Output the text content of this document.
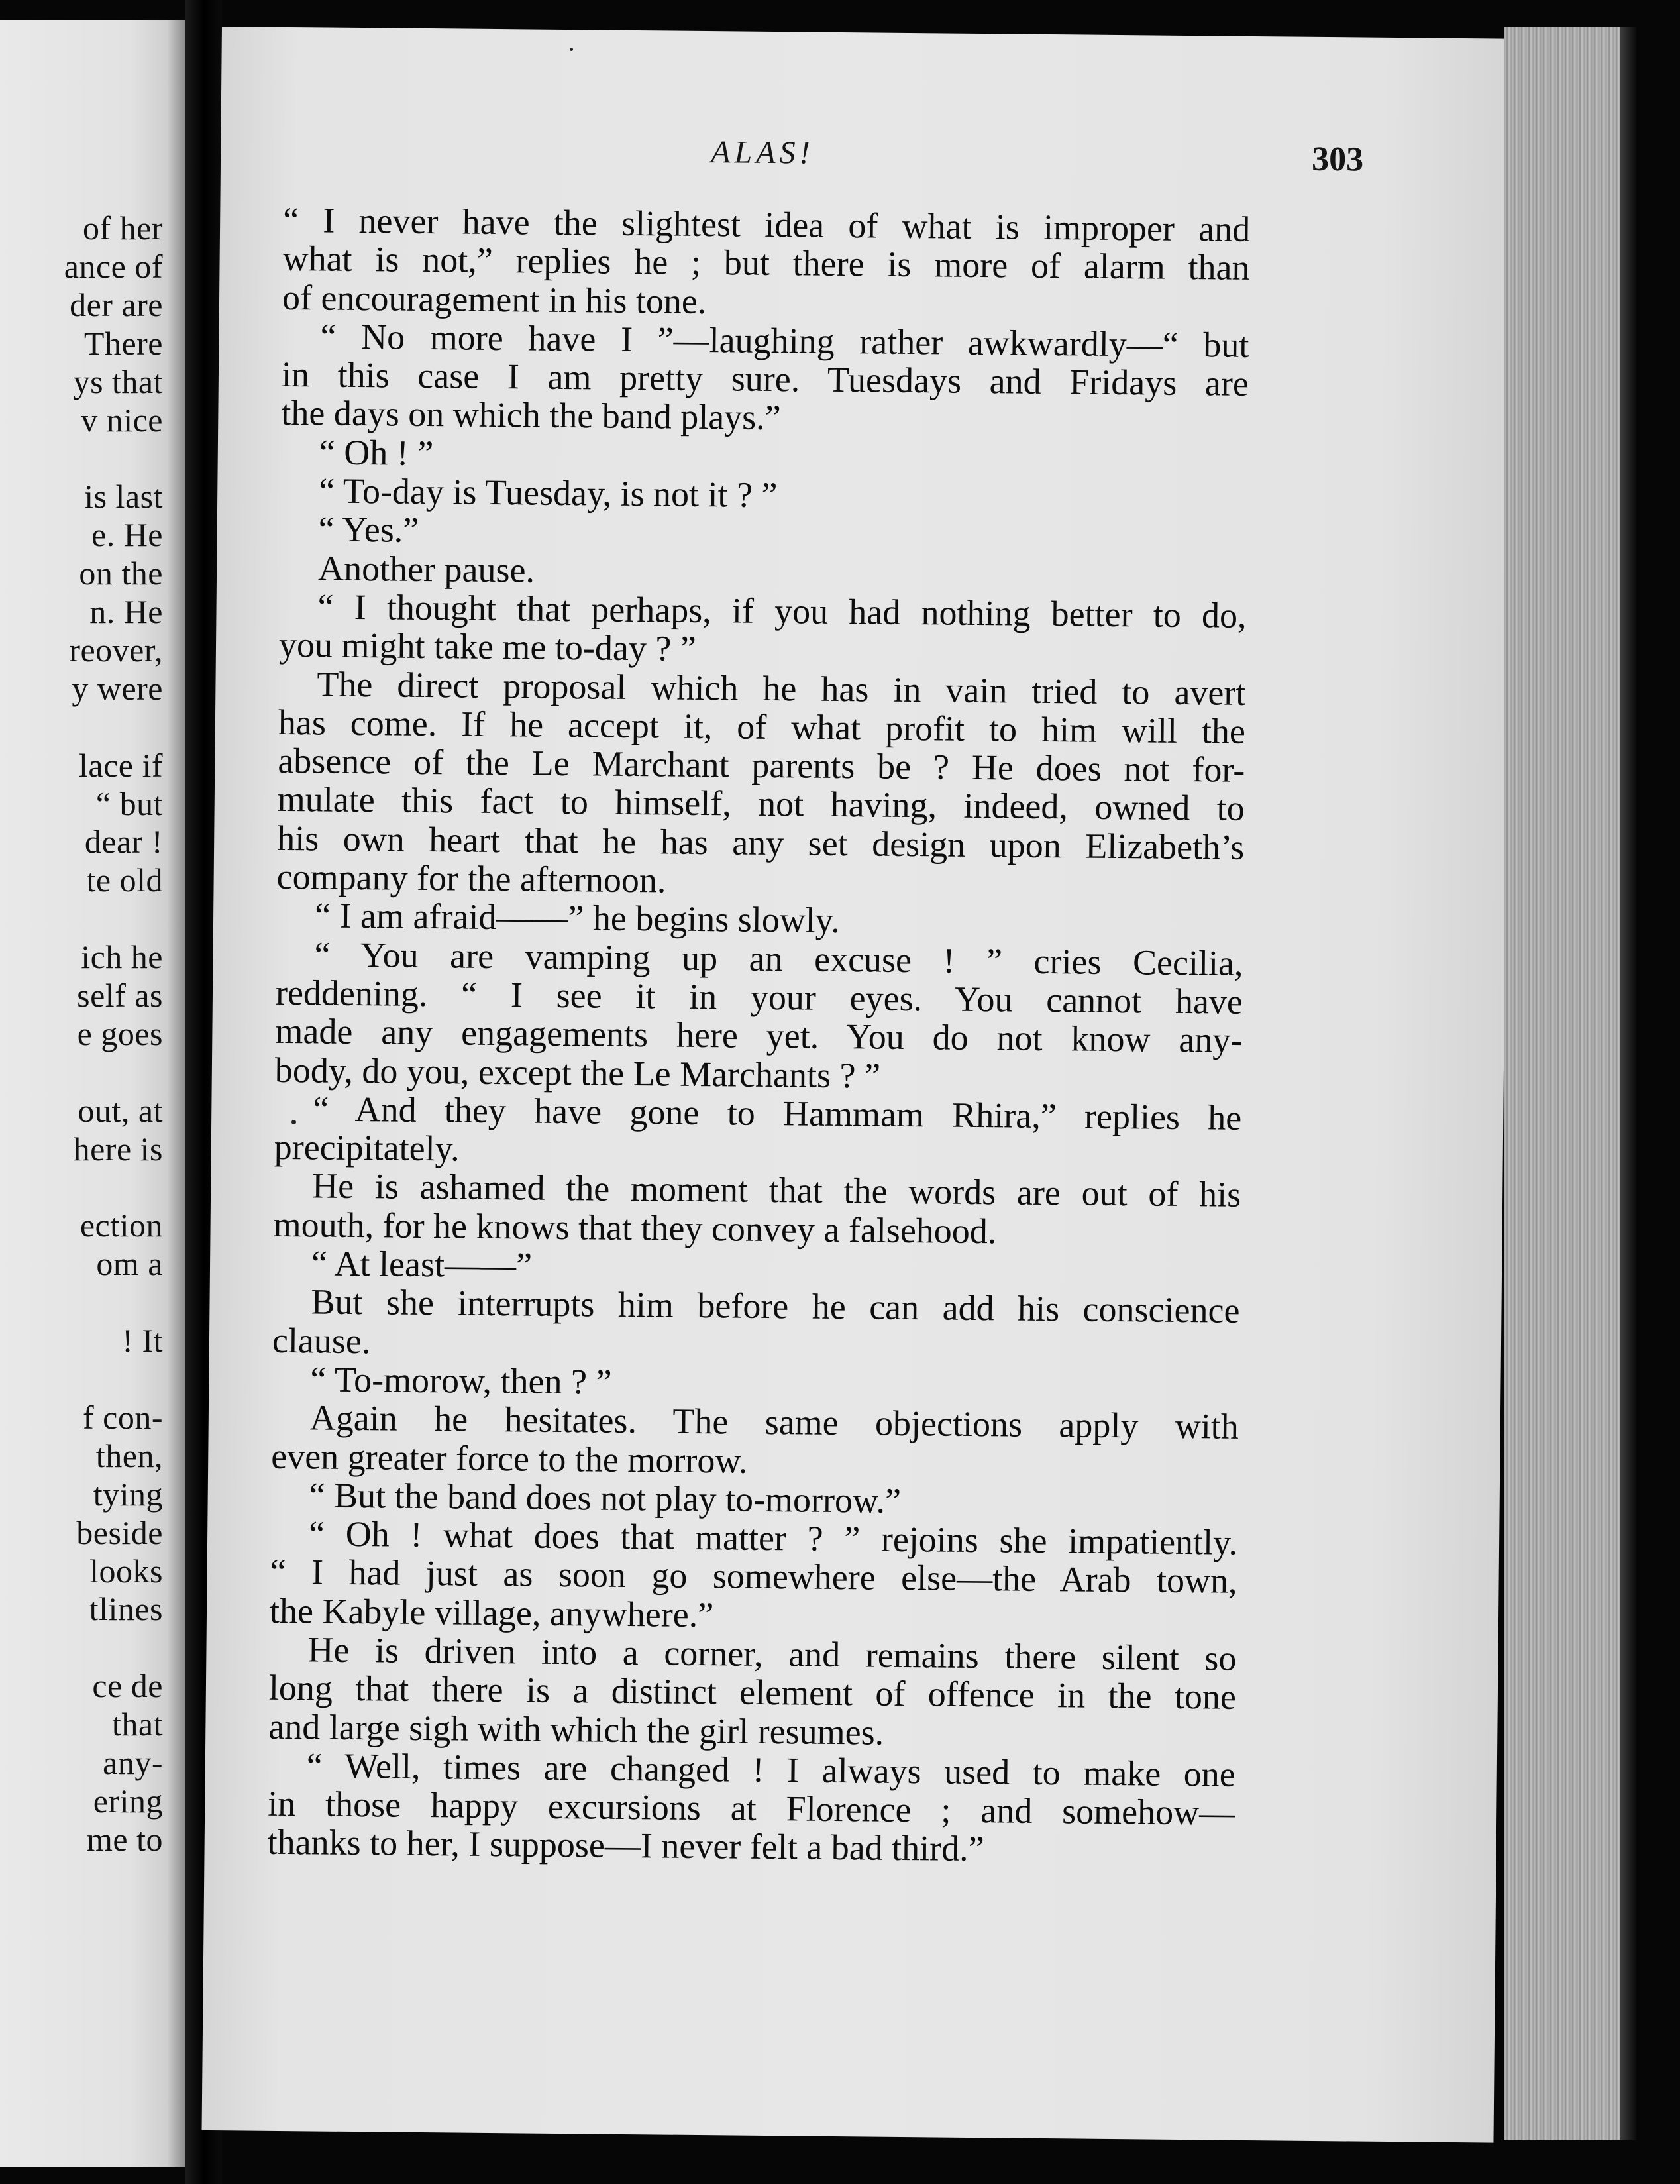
of her
ance of
der are
There
ys that
v nice
is last
e. He
on the
n. He
reover,
y were
lace if
“ but
dear !
te old
ich he
self as
e goes
out, at
here is
ection
om a
! It
f con-
then,
tying
beside
looks
tlines
ce de
that
any-
ering
me to
ALAS!	303
“ I never have the slightest idea of what is improper and
what is not,” replies he ; but there is more of alarm than
of encouragement in his tone.
“ No more have I ”—laughing rather awkwardly—“ but
in this case I am pretty sure. Tuesdays and Fridays are
the days on which the band plays.”
“ Oh ! ”
“ To-day is Tuesday, is not it ? ”
“ Yes.”
Another pause.
“ I thought that perhaps, if you had nothing better to do,
you might take me to-day ? ”
The direct proposal which he has in vain tried to avert
has come. If he accept it, of what profit to him will the
absence of the Le Marchant parents be ? He does not for-
mulate this fact to himself, not having, indeed, owned to
his own heart that he has any set design upon Elizabeth’s
company for the afternoon.
“ I am afraid——” he begins slowly.
“ You are vamping up an excuse ! ” cries Cecilia,
reddening. “ I see it in your eyes. You cannot have
made any engagements here yet. You do not know any-
body, do you, except the Le Marchants ? ”
“ And they have gone to Hammam Rhira,” replies he
precipitately.
He is ashamed the moment that the words are out of his
mouth, for he knows that they convey a falsehood.
“ At least——”
But she interrupts him before he can add his conscience
clause.
“ To-morow, then ? ”
Again he hesitates. The same objections apply with
even greater force to the morrow.
“ But the band does not play to-morrow.”
“ Oh ! what does that matter ? ” rejoins she impatiently.
“ I had just as soon go somewhere else—the Arab town,
the Kabyle village, anywhere.”
He is driven into a corner, and remains there silent so
long that there is a distinct element of offence in the tone
and large sigh with which the girl resumes.
“ Well, times are changed ! I always used to make one
in those happy excursions at Florence ; and somehow—
thanks to her, I suppose—I never felt a bad third.”
